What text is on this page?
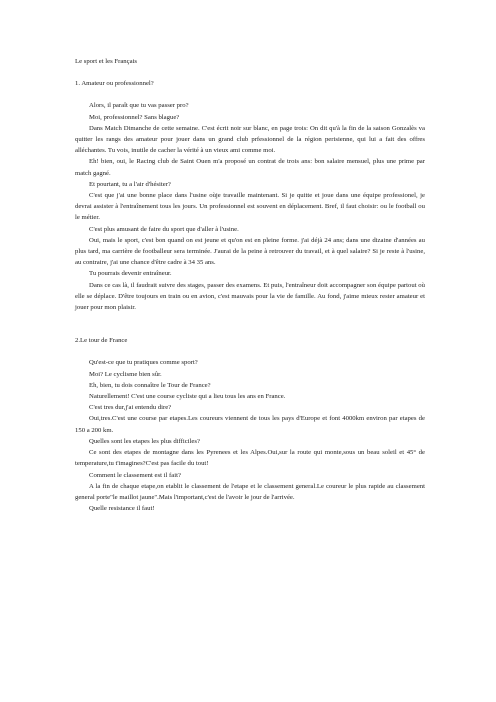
Le sport et les Français
1. Amateur ou professionnel?

Alors, il paraît que tu vas passer pro?

Moi, professionnel? Sans blague?

Dans Match Dimanche de cette semaine. C'est écrit noir sur blanc, en page trois: On dit qu'à la fin de la saison Gonzalès va quitter les rangs des amateur pour jouer dans un grand club prfessionnel de la région perisienne, qui lui a fait des offres alléchantes. Tu vois, inutile de cacher la vérité à un vieux ami comme moi.

Eh! bien, oui, le Racing club de Saint Ouen m'a proposé un contrat de trois ans: bon salaire mensuel, plus une prime par match gagné.

Et pourtant, tu a l'air d'hésiter?

C'est que j'ai une bonne place dans l'usine oùje travaille maintenant. Si je quitte et joue dans une équipe professionel, je devrai assister à l'entraînement tous les jours. Un professionnel est souvent en déplacement. Bref, il faut choisir: ou le football ou le métier.

C'est plus amusant de faire du sport que d'aller à l'usine.

Oui, mais le sport, c'est bon quand on est jeune et qu'on est en pleine forme. j'ai déjà 24 ans; dans une dizaine d'années au plus tard, ma carrière de footballeur sera terminée. J'aurai de la peine à retrouver du travail, et à quel salaire? Si je reste à l'usine, au contraire, j'ai une chance d'être cadre à 34 35 ans.

Tu pourrais devenir entraîneur.

Dans ce cas là, il faudrait suivre des stages, passer des examens. Et puis, l'entraîneur doit accompagner son équipe partout où elle se déplace. D'être toujours en train ou en avion, c'est mauvais pour la vie de famille. Au fond, j'aime mieux rester amateur et jouer pour mon plaisir.

2.Le tour de France

Qu'est-ce que tu pratiques comme sport?

Moi? Le cyclisme bien sûr.

Eh, bien, tu dois connaître le Tour de France?

Naturellement! C'est une course cycliste qui a lieu tous les ans en France.

C'est tres dur,j'ai entendu dire?

Oui,tres.C'est une course par etapes.Les coureurs viennent de tous les pays d'Europe et font 4000km environ par etapes de 150 a 200 km.

Quelles sont les etapes les plus difficiles?

Ce sont des etapes de montagne dans les Pyrenees et les Alpes.Oui,sur la route qui monte,sous un beau soleil et 45° de temperature,tu t'imagines?C'est pas facile du tout!

Comment le classement est il fait?

A la fin de chaque etape,on etablit le classement de l'etape et le classement general.Le coureur le plus rapide au classement general porte"le maillot jaune".Mais l'important,c'est de l'avoir le jour de l'arrivée.

Quelle resistance il faut!
